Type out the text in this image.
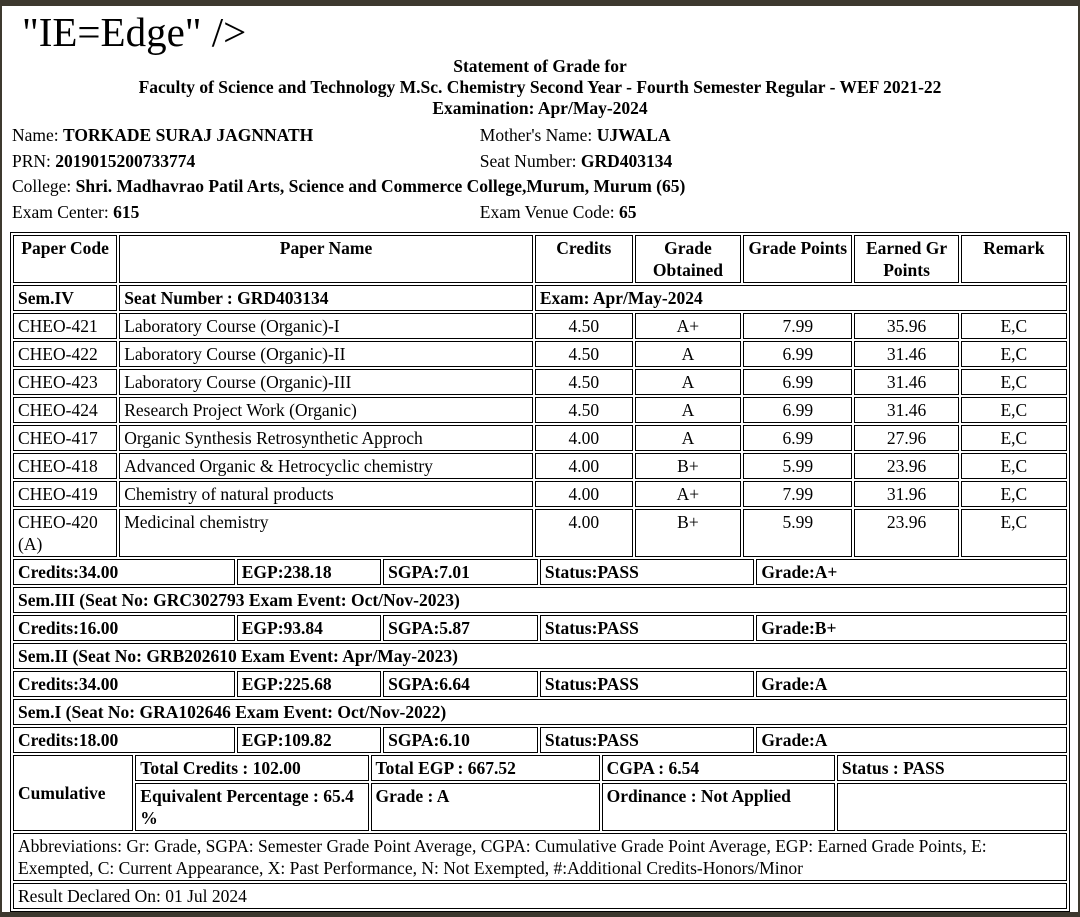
"IE=Edge" />
Statement of Grade for
Faculty of Science and Technology M.Sc. Chemistry Second Year - Fourth Semester Regular - WEF 2021-22
Examination: Apr/May-2024
Name: TORKADE SURAJ JAGNNATH	Mother's Name: UJWALA
PRN: 2019015200733774	Seat Number: GRD403134
College: Shri. Madhavrao Patil Arts, Science and Commerce College,Murum, Murum (65)
Exam Center: 615	Exam Venue Code: 65
Paper Code	Paper Name	Credits	Grade Obtained	Grade Points	Earned Gr Points	Remark
Sem.IV	Seat Number : GRD403134	Exam: Apr/May-2024				
CHEO-421	Laboratory Course (Organic)-I	4.50	A+	7.99	35.96	E,C
CHEO-422	Laboratory Course (Organic)-II	4.50	A	6.99	31.46	E,C
CHEO-423	Laboratory Course (Organic)-III	4.50	A	6.99	31.46	E,C
CHEO-424	Research Project Work (Organic)	4.50	A	6.99	31.46	E,C
CHEO-417	Organic Synthesis Retrosynthetic Approch	4.00	A	6.99	27.96	E,C
CHEO-418	Advanced Organic & Hetrocyclic chemistry	4.00	B+	5.99	23.96	E,C
CHEO-419	Chemistry of natural products	4.00	A+	7.99	31.96	E,C
CHEO-420 (A)	Medicinal chemistry	4.00	B+	5.99	23.96	E,C
Credits:34.00	EGP:238.18	SGPA:7.01	Status:PASS	Grade:A+
Sem.III (Seat No: GRC302793 Exam Event: Oct/Nov-2023)
Credits:16.00	EGP:93.84	SGPA:5.87	Status:PASS	Grade:B+
Sem.II (Seat No: GRB202610 Exam Event: Apr/May-2023)
Credits:34.00	EGP:225.68	SGPA:6.64	Status:PASS	Grade:A
Sem.I (Seat No: GRA102646 Exam Event: Oct/Nov-2022)
Credits:18.00	EGP:109.82	SGPA:6.10	Status:PASS	Grade:A
Cumulative	Total Credits : 102.00	Total EGP : 667.52	CGPA : 6.54	Status : PASS
	Equivalent Percentage : 65.4 %	Grade : A	Ordinance : Not Applied	
Abbreviations: Gr: Grade, SGPA: Semester Grade Point Average, CGPA: Cumulative Grade Point Average, EGP: Earned Grade Points, E: Exempted, C: Current Appearance, X: Past Performance, N: Not Exempted, #:Additional Credits-Honors/Minor
Result Declared On: 01 Jul 2024
